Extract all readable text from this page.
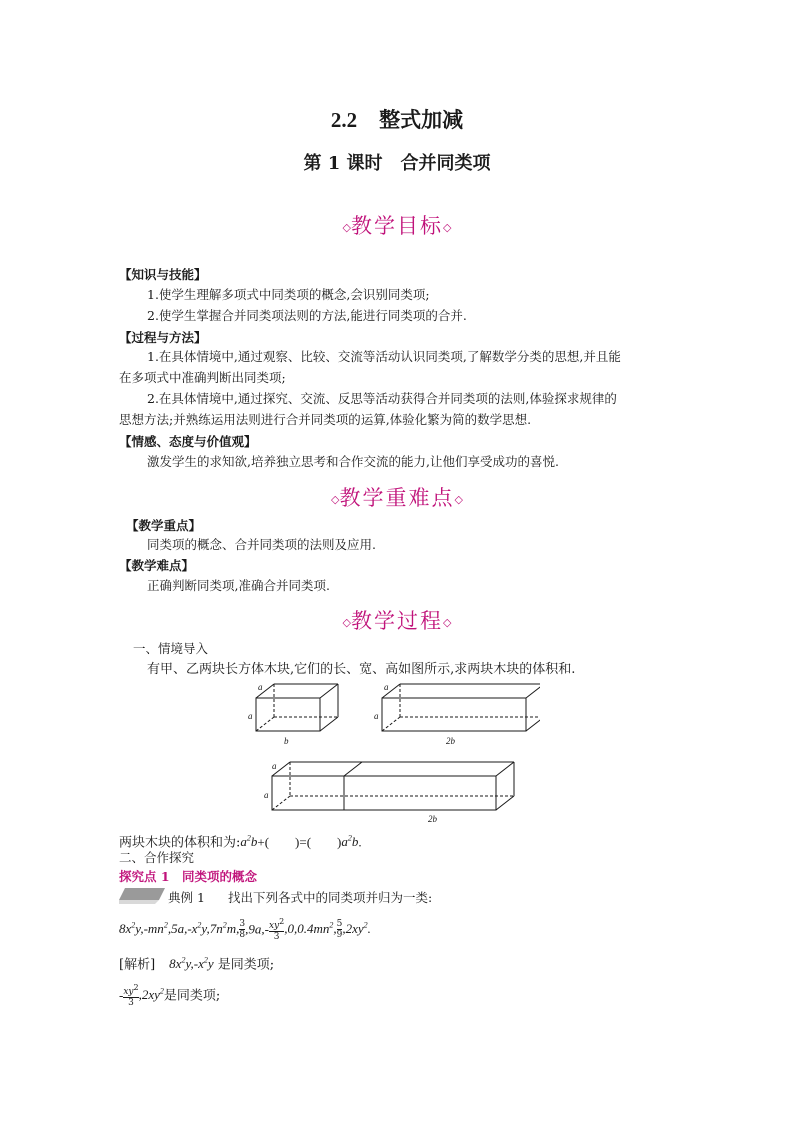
2.2 整式加减
第 1 课时 合并同类项
◇教学目标◇
【知识与技能】
1.使学生理解多项式中同类项的概念,会识别同类项;
2.使学生掌握合并同类项法则的方法,能进行同类项的合并.
【过程与方法】
1.在具体情境中,通过观察、比较、交流等活动认识同类项,了解数学分类的思想,并且能
在多项式中准确判断出同类项;
2.在具体情境中,通过探究、交流、反思等活动获得合并同类项的法则,体验探求规律的
思想方法;并熟练运用法则进行合并同类项的运算,体验化繁为简的数学思想.
【情感、态度与价值观】
激发学生的求知欲,培养独立思考和合作交流的能力,让他们享受成功的喜悦.
◇教学重难点◇
【教学重点】
同类项的概念、合并同类项的法则及应用.
【教学难点】
正确判断同类项,准确合并同类项.
◇教学过程◇
一、情境导入
有甲、乙两块长方体木块,它们的长、宽、高如图所示,求两块木块的体积和.
a
a
b
a
a
2b
a
a
2b
两块木块的体积和为$:a^2b+$(　　)=(　　)$a^2b$.
二、合作探究
探究点 1　同类项的概念
典例 1 找出下列各式中的同类项并归为一类:
$8x^2y,-mn^2,5a,-x^2y,7n^2m$, $\frac{3}{8} ,9a,- \frac{xy^2}{3} ,0,0.4mn^2$, $\frac{5}{9} ,2xy^2$.
[解析] $8x^2y,-x^2y$ 是同类项;
- $\frac{xy^2}{3} ,2xy^2$是同类项;
